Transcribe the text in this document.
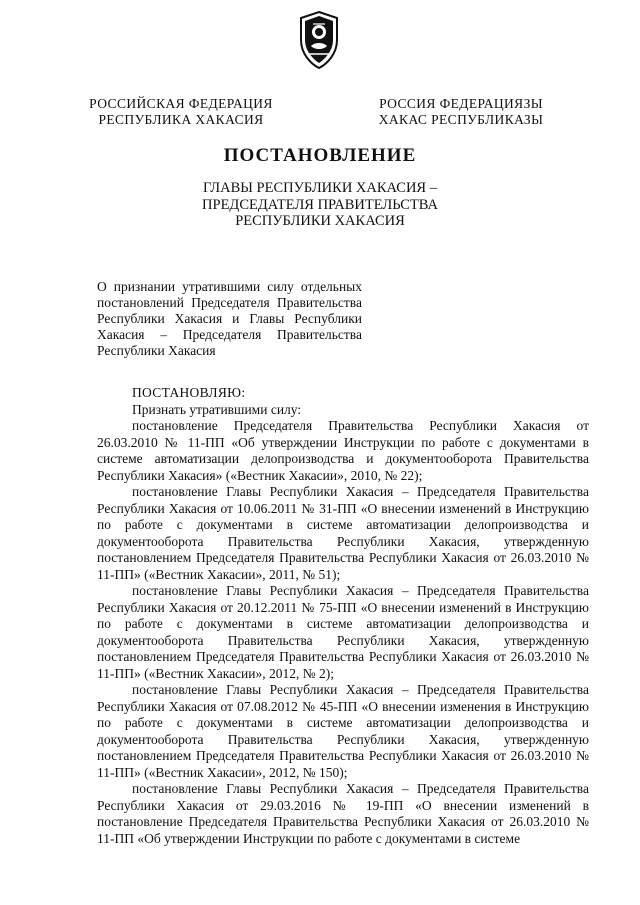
РОССИЙСКАЯ ФЕДЕРАЦИЯ
РЕСПУБЛИКА ХАКАСИЯ
РОССИЯ ФЕДЕРАЦИЯЗЫ
ХАКАС РЕСПУБЛИКАЗЫ
ПОСТАНОВЛЕНИЕ
ГЛАВЫ РЕСПУБЛИКИ ХАКАСИЯ –
ПРЕДСЕДАТЕЛЯ ПРАВИТЕЛЬСТВА
РЕСПУБЛИКИ ХАКАСИЯ
О признании утратившими силу отдельных постановлений Председателя Правительства Республики Хакасия и Главы Республики Хакасия – Председателя Правительства Республики Хакасия

ПОСТАНОВЛЯЮ:

Признать утратившими силу:

постановление Председателя Правительства Республики Хакасия от 26.03.2010 № 11-ПП «Об утверждении Инструкции по работе с документами в системе автоматизации делопроизводства и документооборота Правительства Республики Хакасия» («Вестник Хакасии», 2010, № 22);

постановление Главы Республики Хакасия – Председателя Правительства Республики Хакасия от 10.06.2011 № 31-ПП «О внесении изменений в Инструкцию по работе с документами в системе автоматизации делопроизводства и документооборота Правительства Республики Хакасия, утвержденную постановлением Председателя Правительства Республики Хакасия от 26.03.2010 № 11-ПП» («Вестник Хакасии», 2011, № 51);

постановление Главы Республики Хакасия – Председателя Правительства Республики Хакасия от 20.12.2011 № 75-ПП «О внесении изменений в Инструкцию по работе с документами в системе автоматизации делопроизводства и документооборота Правительства Республики Хакасия, утвержденную постановлением Председателя Правительства Республики Хакасия от 26.03.2010 № 11-ПП» («Вестник Хакасии», 2012, № 2);

постановление Главы Республики Хакасия – Председателя Правительства Республики Хакасия от 07.08.2012 № 45-ПП «О внесении изменения в Инструкцию по работе с документами в системе автоматизации делопроизводства и документооборота Правительства Республики Хакасия, утвержденную постановлением Председателя Правительства Республики Хакасия от 26.03.2010 № 11-ПП» («Вестник Хакасии», 2012, № 150);

постановление Главы Республики Хакасия – Председателя Правительства Республики Хакасия от 29.03.2016 № 19-ПП «О внесении изменений в постановление Председателя Правительства Республики Хакасия от 26.03.2010 № 11-ПП «Об утверждении Инструкции по работе с документами в системе
